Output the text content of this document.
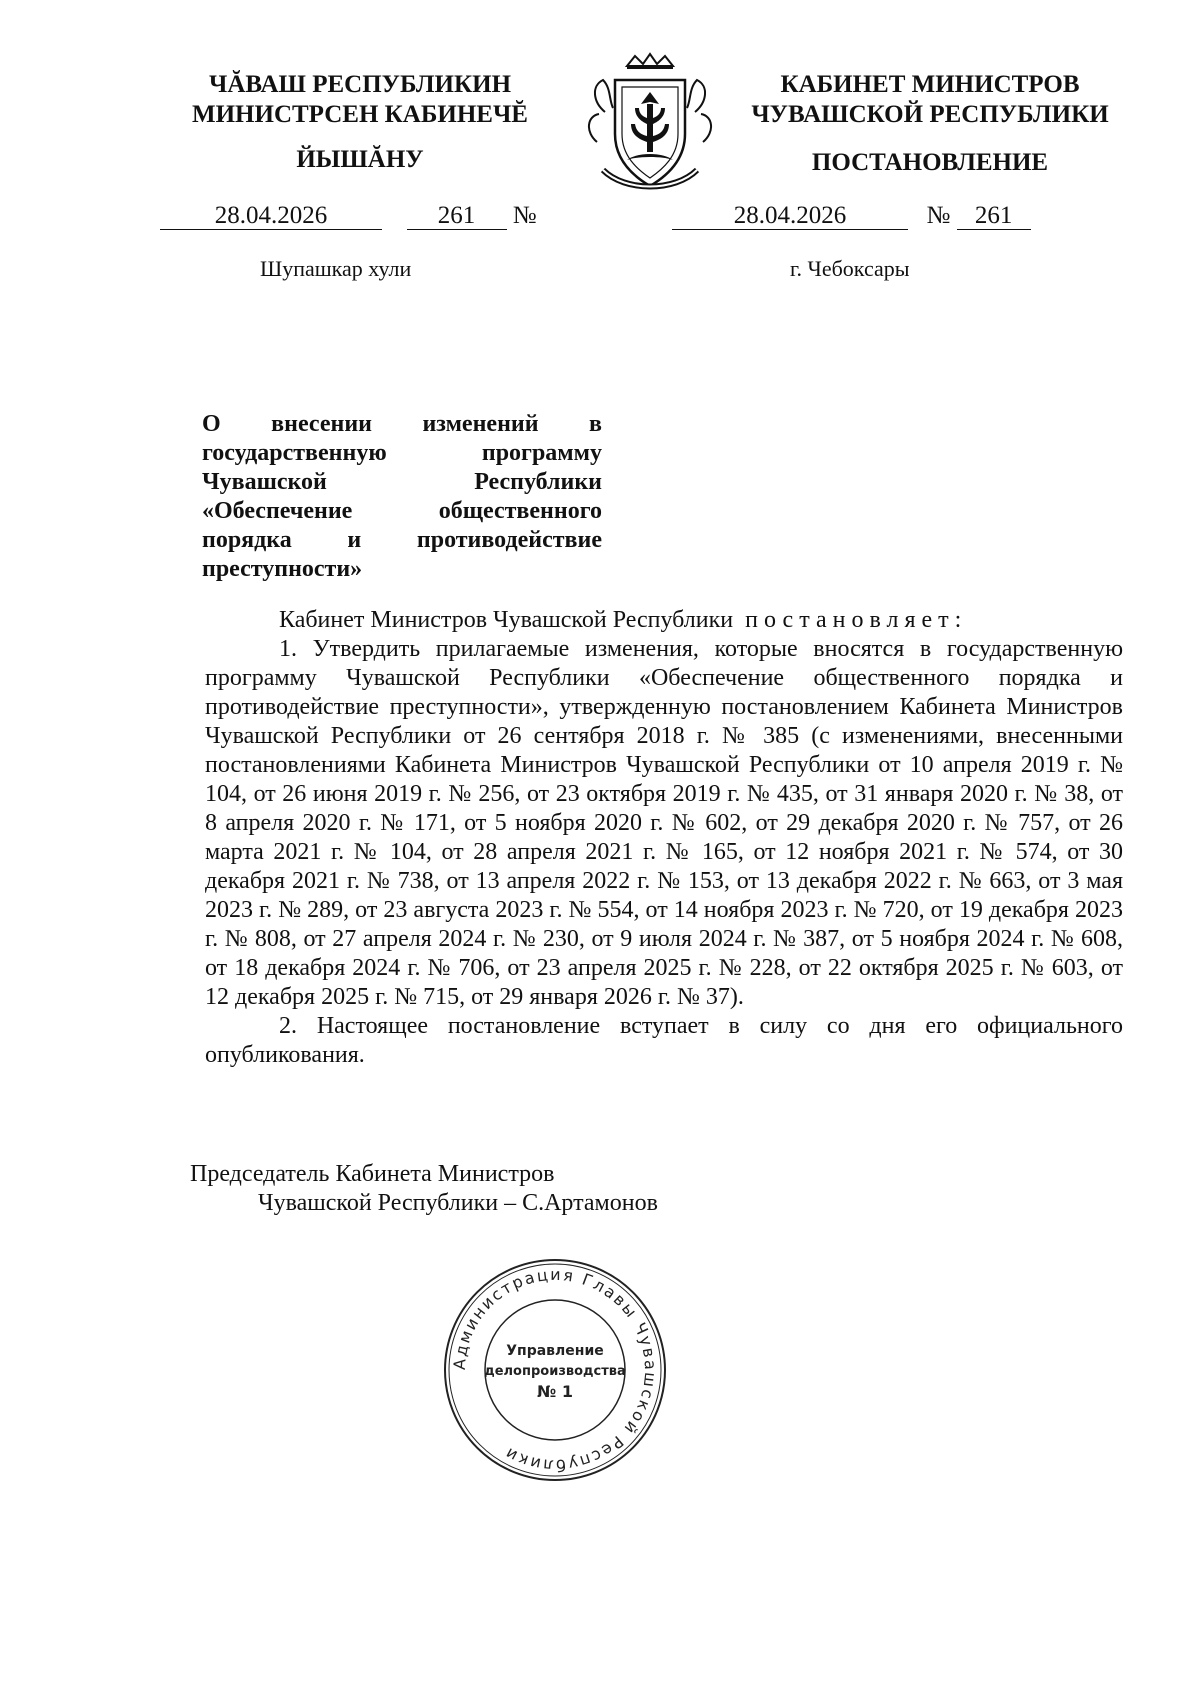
ЧĂВАШ РЕСПУБЛИКИН
МИНИСТРСЕН КАБИНЕЧĔ
ЙЫШĂНУ
КАБИНЕТ МИНИСТРОВ
ЧУВАШСКОЙ РЕСПУБЛИКИ
ПОСТАНОВЛЕНИЕ
28.04.2026	261 №	28.04.2026	№ 261
Шупашкар хули	г. Чебоксары
О внесении изменений в государственную программу Чувашской Республики «Обеспечение общественного порядка и противодействие преступности»

Кабинет Министров Чувашской Республики постановляет:

1. Утвердить прилагаемые изменения, которые вносятся в государственную программу Чувашской Республики «Обеспечение общественного порядка и противодействие преступности», утвержденную постановлением Кабинета Министров Чувашской Республики от 26 сентября 2018 г. № 385 (с изменениями, внесенными постановлениями Кабинета Министров Чувашской Республики от 10 апреля 2019 г. № 104, от 26 июня 2019 г. № 256, от 23 октября 2019 г. № 435, от 31 января 2020 г. № 38, от 8 апреля 2020 г. № 171, от 5 ноября 2020 г. № 602, от 29 декабря 2020 г. № 757, от 26 марта 2021 г. № 104, от 28 апреля 2021 г. № 165, от 12 ноября 2021 г. № 574, от 30 декабря 2021 г. № 738, от 13 апреля 2022 г. № 153, от 13 декабря 2022 г. № 663, от 3 мая 2023 г. № 289, от 23 августа 2023 г. № 554, от 14 ноября 2023 г. № 720, от 19 декабря 2023 г. № 808, от 27 апреля 2024 г. № 230, от 9 июля 2024 г. № 387, от 5 ноября 2024 г. № 608, от 18 декабря 2024 г. № 706, от 23 апреля 2025 г. № 228, от 22 октября 2025 г. № 603, от 12 декабря 2025 г. № 715, от 29 января 2026 г. № 37).

2. Настоящее постановление вступает в силу со дня его официального опубликования.

Председатель Кабинета Министров
Чувашской Республики – С.Артамонов
Администрация Главы Чувашской Республики
Управление
делопроизводства
№ 1
